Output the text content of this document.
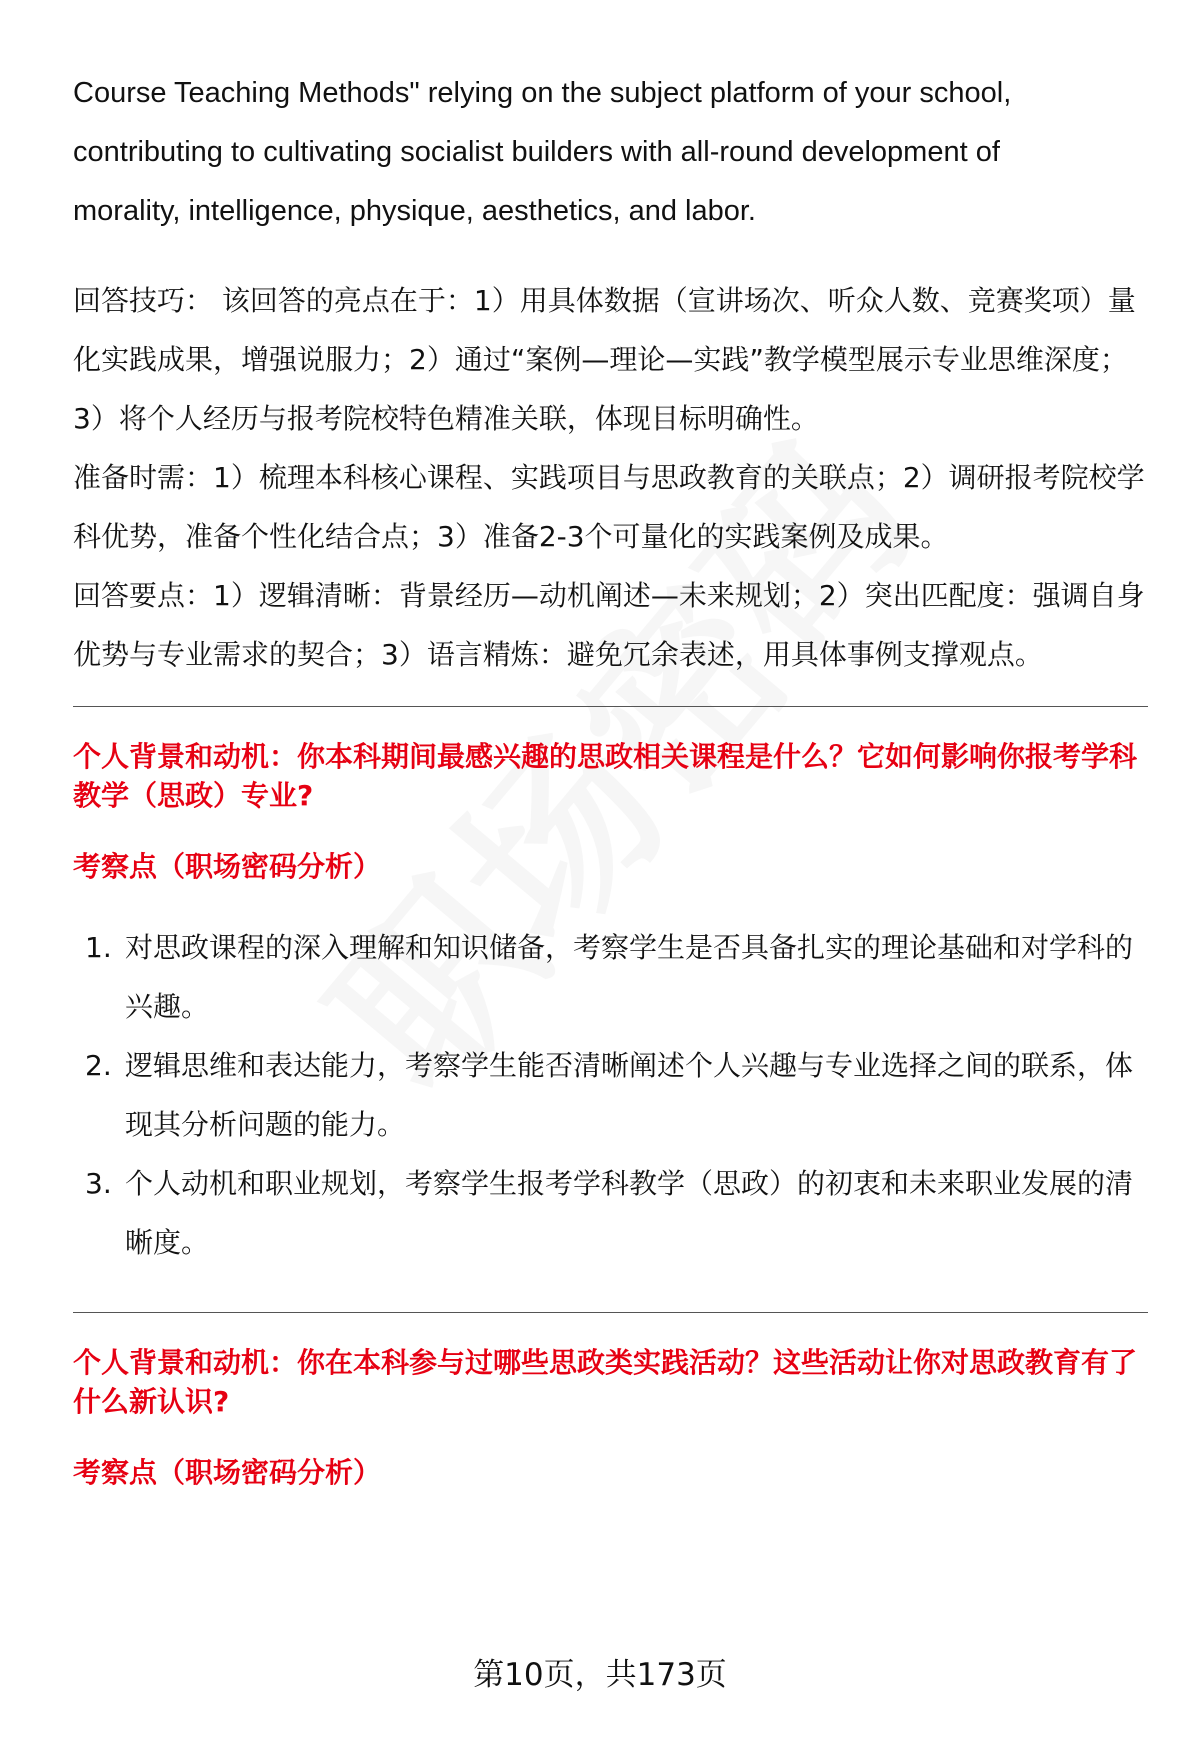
Course Teaching Methods" relying on the subject platform of your school,

contributing to cultivating socialist builders with all-round development of

morality, intelligence, physique, aesthetics, and labor.

回答技巧： 该回答的亮点在于：1）用具体数据（宣讲场次、听众人数、竞赛奖项）量化实践成果，增强说服力；2）通过“案例—理论—实践”教学模型展示专业思维深度；3）将个人经历与报考院校特色精准关联，体现目标明确性。

准备时需：1）梳理本科核心课程、实践项目与思政教育的关联点；2）调研报考院校学科优势，准备个性化结合点；3）准备2-3个可量化的实践案例及成果。

回答要点：1）逻辑清晰：背景经历—动机阐述—未来规划；2）突出匹配度：强调自身优势与专业需求的契合；3）语言精炼：避免冗余表述，用具体事例支撑观点。

个人背景和动机：你本科期间最感兴趣的思政相关课程是什么？它如何影响你报考学科教学（思政）专业?

考察点（职场密码分析）

1. 对思政课程的深入理解和知识储备，考察学生是否具备扎实的理论基础和对学科的兴趣。
2. 逻辑思维和表达能力，考察学生能否清晰阐述个人兴趣与专业选择之间的联系，体现其分析问题的能力。
3. 个人动机和职业规划，考察学生报考学科教学（思政）的初衷和未来职业发展的清晰度。

个人背景和动机：你在本科参与过哪些思政类实践活动？这些活动让你对思政教育有了什么新认识?

考察点（职场密码分析）

第10页，共173页
